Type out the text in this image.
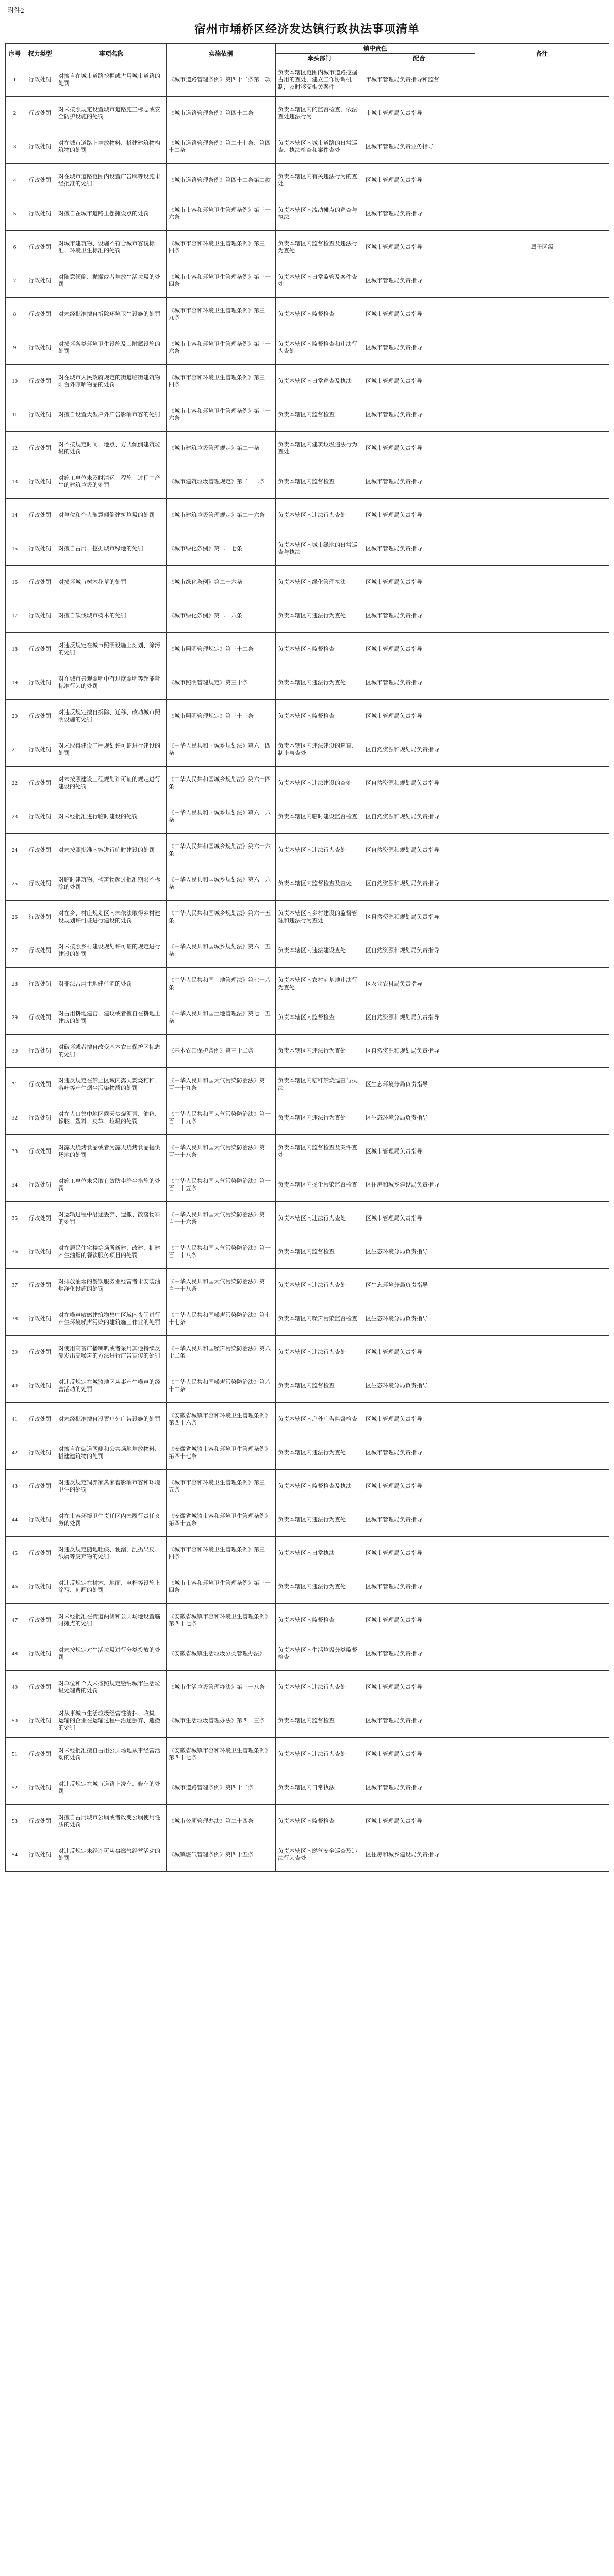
附件2
宿州市埇桥区经济发达镇行政执法事项清单
序号	权力类型	事项名称	实施依据	镇中责任		备注
				牵头部门	配合	

1	行政处罚	对擅自在城市道路挖掘或占用城市道路的处罚	《城市道路管理条例》第四十二条第一款	负责本辖区范围内城市道路挖掘占用的查处，建立工作协调机制，及时移交相关案件	市城市管理局负责指导和监督	

2	行政处罚	对未按照规定设置城市道路施工标志或安全防护设施的处罚	《城市道路管理条例》第四十二条	负责本辖区内的监督检查，依法查处违法行为	市城市管理局负责指导	

3	行政处罚	对在城市道路上堆放物料、搭建建筑物构筑物的处罚	《城市道路管理条例》第二十七条、第四十二条	负责本辖区内城市道路的日常巡查、执法检查和案件查处	区城市管理局负责业务指导	

4	行政处罚	对在城市道路范围内设置广告牌等设施未经批准的处罚	《城市道路管理条例》第四十二条第二款	负责本辖区内有关违法行为的查处	区城市管理局负责指导	

5	行政处罚	对擅自在城市道路上摆摊设点的处罚	《城市市容和环境卫生管理条例》第三十六条	负责本辖区内流动摊点的巡查与执法	区城市管理局负责指导	

6	行政处罚	对城市建筑物、设施不符合城市容貌标准、环境卫生标准的处罚	《城市市容和环境卫生管理条例》第三十四条	负责本辖区内监督检查及违法行为查处	区城市管理局负责指导	属于区级

7	行政处罚	对随意倾倒、抛撒或者堆放生活垃圾的处罚	《城市市容和环境卫生管理条例》第三十四条	负责本辖区内日常监管及案件查处	区城市管理局负责指导	

8	行政处罚	对未经批准擅自拆除环境卫生设施的处罚	《城市市容和环境卫生管理条例》第三十九条	负责本辖区内监督检查	区城市管理局负责指导	

9	行政处罚	对损坏各类环境卫生设施及其附属设施的处罚	《城市市容和环境卫生管理条例》第三十六条	负责本辖区内监督检查和违法行为查处	区城市管理局负责指导	

10	行政处罚	对在城市人民政府规定的街道临街建筑物阳台外晾晒物品的处罚	《城市市容和环境卫生管理条例》第三十四条	负责本辖区内日常巡查及执法	区城市管理局负责指导	

11	行政处罚	对擅自设置大型户外广告影响市容的处罚	《城市市容和环境卫生管理条例》第三十六条	负责本辖区内监督检查	区城市管理局负责指导	

12	行政处罚	对不按规定时间、地点、方式倾倒建筑垃圾的处罚	《城市建筑垃圾管理规定》第二十条	负责本辖区内建筑垃圾违法行为查处	区城市管理局负责指导	

13	行政处罚	对施工单位未及时清运工程施工过程中产生的建筑垃圾的处罚	《城市建筑垃圾管理规定》第二十二条	负责本辖区内监督检查	区城市管理局负责指导	

14	行政处罚	对单位和个人随意倾倒建筑垃圾的处罚	《城市建筑垃圾管理规定》第二十六条	负责本辖区内违法行为查处	区城市管理局负责指导	

15	行政处罚	对擅自占用、挖掘城市绿地的处罚	《城市绿化条例》第二十七条	负责本辖区内城市绿地的日常巡查与执法	区城市管理局负责指导	

16	行政处罚	对损坏城市树木花草的处罚	《城市绿化条例》第二十六条	负责本辖区内绿化管理执法	区城市管理局负责指导	

17	行政处罚	对擅自砍伐城市树木的处罚	《城市绿化条例》第二十六条	负责本辖区内违法行为查处	区城市管理局负责指导	

18	行政处罚	对违反规定在城市照明设施上刻划、涂污的处罚	《城市照明管理规定》第三十二条	负责本辖区内监督检查	区城市管理局负责指导	

19	行政处罚	对在城市景观照明中有过度照明等超能耗标准行为的处罚	《城市照明管理规定》第三十条	负责本辖区内违法行为查处	区城市管理局负责指导	

20	行政处罚	对违反规定擅自拆除、迁移、改动城市照明设施的处罚	《城市照明管理规定》第三十三条	负责本辖区内监督检查	区城市管理局负责指导	

21	行政处罚	对未取得建设工程规划许可证进行建设的处罚	《中华人民共和国城乡规划法》第六十四条	负责本辖区内违法建设的巡查、制止与查处	区自然资源和规划局负责指导	

22	行政处罚	对未按照建设工程规划许可证的规定进行建设的处罚	《中华人民共和国城乡规划法》第六十四条	负责本辖区内违法建设的查处	区自然资源和规划局负责指导	

23	行政处罚	对未经批准进行临时建设的处罚	《中华人民共和国城乡规划法》第六十六条	负责本辖区内临时建设监督检查	区自然资源和规划局负责指导	

24	行政处罚	对未按照批准内容进行临时建设的处罚	《中华人民共和国城乡规划法》第六十六条	负责本辖区内违法行为查处	区自然资源和规划局负责指导	

25	行政处罚	对临时建筑物、构筑物超过批准期限不拆除的处罚	《中华人民共和国城乡规划法》第六十六条	负责本辖区内监督检查及查处	区自然资源和规划局负责指导	

26	行政处罚	对在乡、村庄规划区内未依法取得乡村建设规划许可证进行建设的处罚	《中华人民共和国城乡规划法》第六十五条	负责本辖区内乡村建设的监督管理和违法行为查处	区自然资源和规划局负责指导	

27	行政处罚	对未按照乡村建设规划许可证的规定进行建设的处罚	《中华人民共和国城乡规划法》第六十五条	负责本辖区内违法建设查处	区自然资源和规划局负责指导	

28	行政处罚	对非法占用土地建住宅的处罚	《中华人民共和国土地管理法》第七十八条	负责本辖区内农村宅基地违法行为查处	区农业农村局负责指导	

29	行政处罚	对占用耕地建窑、建坟或者擅自在耕地上建房的处罚	《中华人民共和国土地管理法》第七十五条	负责本辖区内监督检查	区自然资源和规划局负责指导	

30	行政处罚	对破坏或者擅自改变基本农田保护区标志的处罚	《基本农田保护条例》第三十二条	负责本辖区内违法行为查处	区自然资源和规划局负责指导	

31	行政处罚	对违反规定在禁止区域内露天焚烧秸秆、落叶等产生烟尘污染物质的处罚	《中华人民共和国大气污染防治法》第一百一十九条	负责本辖区内秸秆禁烧巡查与执法	区生态环境分局负责指导	

32	行政处罚	对在人口集中地区露天焚烧沥青、油毡、橡胶、塑料、皮革、垃圾的处罚	《中华人民共和国大气污染防治法》第一百一十九条	负责本辖区内违法行为查处	区生态环境分局负责指导	

33	行政处罚	对露天烧烤食品或者为露天烧烤食品提供场地的处罚	《中华人民共和国大气污染防治法》第一百一十八条	负责本辖区内监督检查及案件查处	区城市管理局负责指导	

34	行政处罚	对施工单位未采取有效防尘降尘措施的处罚	《中华人民共和国大气污染防治法》第一百一十五条	负责本辖区内扬尘污染监督检查	区住房和城乡建设局负责指导	

35	行政处罚	对运输过程中沿途丢弃、遗撒、散落物料的处罚	《中华人民共和国大气污染防治法》第一百一十六条	负责本辖区内违法行为查处	区城市管理局负责指导	

36	行政处罚	对在居民住宅楼等场所新建、改建、扩建产生油烟的餐饮服务项目的处罚	《中华人民共和国大气污染防治法》第一百一十八条	负责本辖区内监督检查	区生态环境分局负责指导	

37	行政处罚	对排放油烟的餐饮服务业经营者未安装油烟净化设施的处罚	《中华人民共和国大气污染防治法》第一百一十八条	负责本辖区内违法行为查处	区生态环境分局负责指导	

38	行政处罚	对在噪声敏感建筑物集中区域内夜间进行产生环境噪声污染的建筑施工作业的处罚	《中华人民共和国噪声污染防治法》第七十七条	负责本辖区内噪声污染监督检查	区生态环境分局负责指导	

39	行政处罚	对使用高音广播喇叭或者采用其他持续反复发出高噪声的方法进行广告宣传的处罚	《中华人民共和国噪声污染防治法》第八十二条	负责本辖区内违法行为查处	区城市管理局负责指导	

40	行政处罚	对违反规定在城镇地区从事产生噪声的经营活动的处罚	《中华人民共和国噪声污染防治法》第八十二条	负责本辖区内监督检查	区生态环境分局负责指导	

41	行政处罚	对未经批准擅自设置户外广告设施的处罚	《安徽省城镇市容和环境卫生管理条例》第四十六条	负责本辖区内户外广告监督检查	区城市管理局负责指导	

42	行政处罚	对擅自在街道两侧和公共场地堆放物料、搭建建筑物的处罚	《安徽省城镇市容和环境卫生管理条例》第四十七条	负责本辖区内违法行为查处	区城市管理局负责指导	

43	行政处罚	对违反规定饲养家禽家畜影响市容和环境卫生的处罚	《城市市容和环境卫生管理条例》第三十五条	负责本辖区内监督检查及执法	区城市管理局负责指导	

44	行政处罚	对在市容环境卫生责任区内未履行责任义务的处罚	《安徽省城镇市容和环境卫生管理条例》第四十五条	负责本辖区内违法行为查处	区城市管理局负责指导	

45	行政处罚	对违反规定随地吐痰、便溺，乱扔果皮、纸屑等废弃物的处罚	《城市市容和环境卫生管理条例》第三十四条	负责本辖区内日常执法	区城市管理局负责指导	

46	行政处罚	对违反规定在树木、地面、电杆等设施上涂写、刻画的处罚	《城市市容和环境卫生管理条例》第三十四条	负责本辖区内违法行为查处	区城市管理局负责指导	

47	行政处罚	对未经批准在街道两侧和公共场地设置临时摊点的处罚	《安徽省城镇市容和环境卫生管理条例》第四十七条	负责本辖区内监督检查	区城市管理局负责指导	

48	行政处罚	对未按规定对生活垃圾进行分类投放的处罚	《安徽省城镇生活垃圾分类管理办法》	负责本辖区内生活垃圾分类监督检查	区城市管理局负责指导	

49	行政处罚	对单位和个人未按照规定缴纳城市生活垃圾处理费的处罚	《城市生活垃圾管理办法》第三十八条	负责本辖区内违法行为查处	区城市管理局负责指导	

50	行政处罚	对从事城市生活垃圾经营性清扫、收集、运输的企业在运输过程中沿途丢弃、遗撒的处罚	《城市生活垃圾管理办法》第四十三条	负责本辖区内监督检查	区城市管理局负责指导	

51	行政处罚	对未经批准擅自占用公共场地从事经营活动的处罚	《安徽省城镇市容和环境卫生管理条例》第四十七条	负责本辖区内违法行为查处	区城市管理局负责指导	

52	行政处罚	对违反规定在城市道路上洗车、修车的处罚	《城市道路管理条例》第四十二条	负责本辖区内日常执法	区城市管理局负责指导	

53	行政处罚	对擅自占用城市公厕或者改变公厕使用性质的处罚	《城市公厕管理办法》第二十四条	负责本辖区内监督检查	区城市管理局负责指导	

54	行政处罚	对违反规定未经许可从事燃气经营活动的处罚	《城镇燃气管理条例》第四十五条	负责本辖区内燃气安全巡查及违法行为查处	区住房和城乡建设局负责指导	
